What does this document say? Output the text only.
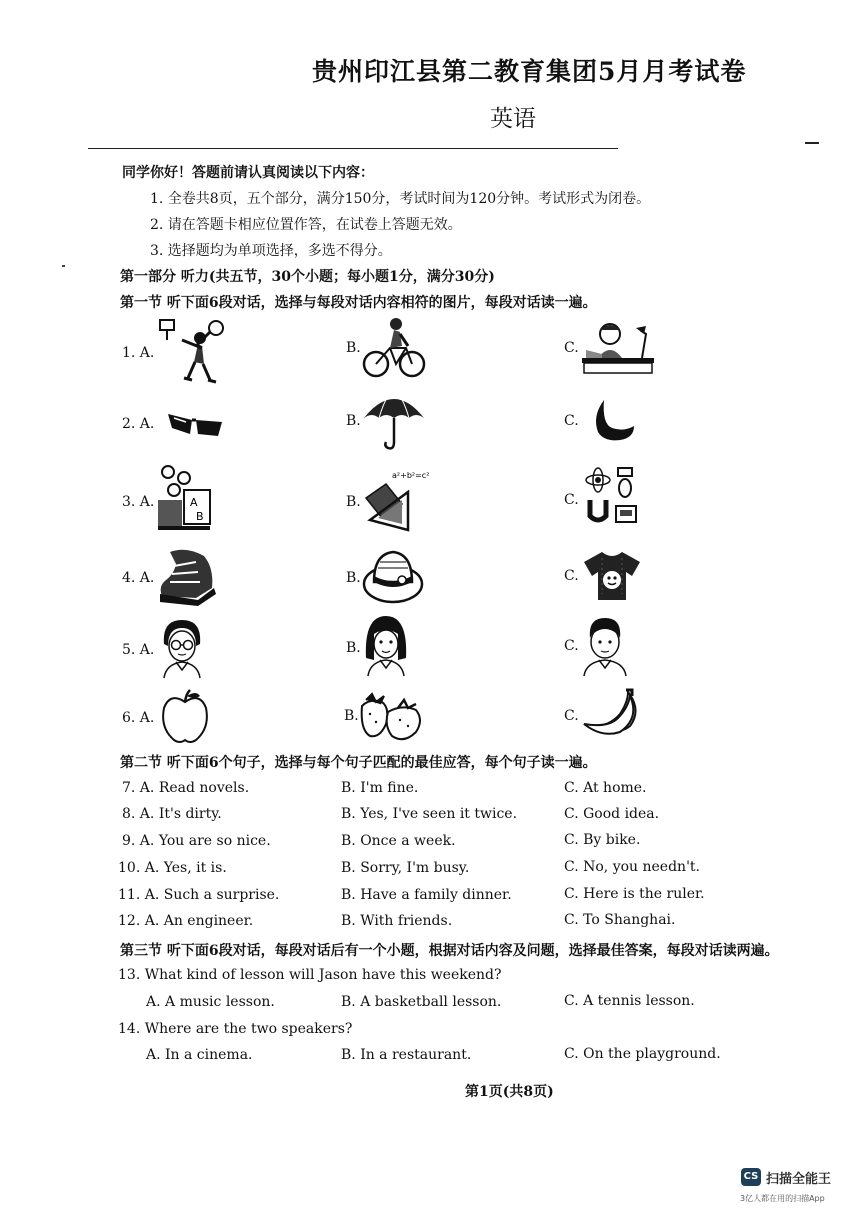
贵州印江县第二教育集团5月月考试卷
英语
同学你好！答题前请认真阅读以下内容：
1. 全卷共8页，五个部分，满分150分，考试时间为120分钟。考试形式为闭卷。
2. 请在答题卡相应位置作答，在试卷上答题无效。
3. 选择题均为单项选择，多选不得分。
第一部分 听力(共五节，30个小题；每小题1分，满分30分)
第一节 听下面6段对话，选择与每段对话内容相符的图片，每段对话读一遍。
1. A.	B.	C.
2. A.	B.	C.
3. A.	B.	C.
A
B
a²+b²=c²
4. A.	B.	C.
5. A.	B.	C.
6. A.	B.	C.
第二节 听下面6个句子，选择与每个句子匹配的最佳应答，每个句子读一遍。
7. A. Read novels.	B. I'm fine.	C. At home.
8. A. It's dirty.	B. Yes, I've seen it twice.	C. Good idea.
9. A. You are so nice.	B. Once a week.	C. By bike.
10. A. Yes, it is.	B. Sorry, I'm busy.	C. No, you needn't.
11. A. Such a surprise.	B. Have a family dinner.	C. Here is the ruler.
12. A. An engineer.	B. With friends.	C. To Shanghai.
第三节 听下面6段对话，每段对话后有一个小题，根据对话内容及问题，选择最佳答案，每段对话读两遍。
13. What kind of lesson will Jason have this weekend?
A. A music lesson.	B. A basketball lesson.	C. A tennis lesson.
14. Where are the two speakers?
A. In a cinema.	B. In a restaurant.	C. On the playground.
第1页(共8页)
CS 扫描全能王
3亿人都在用的扫描App
